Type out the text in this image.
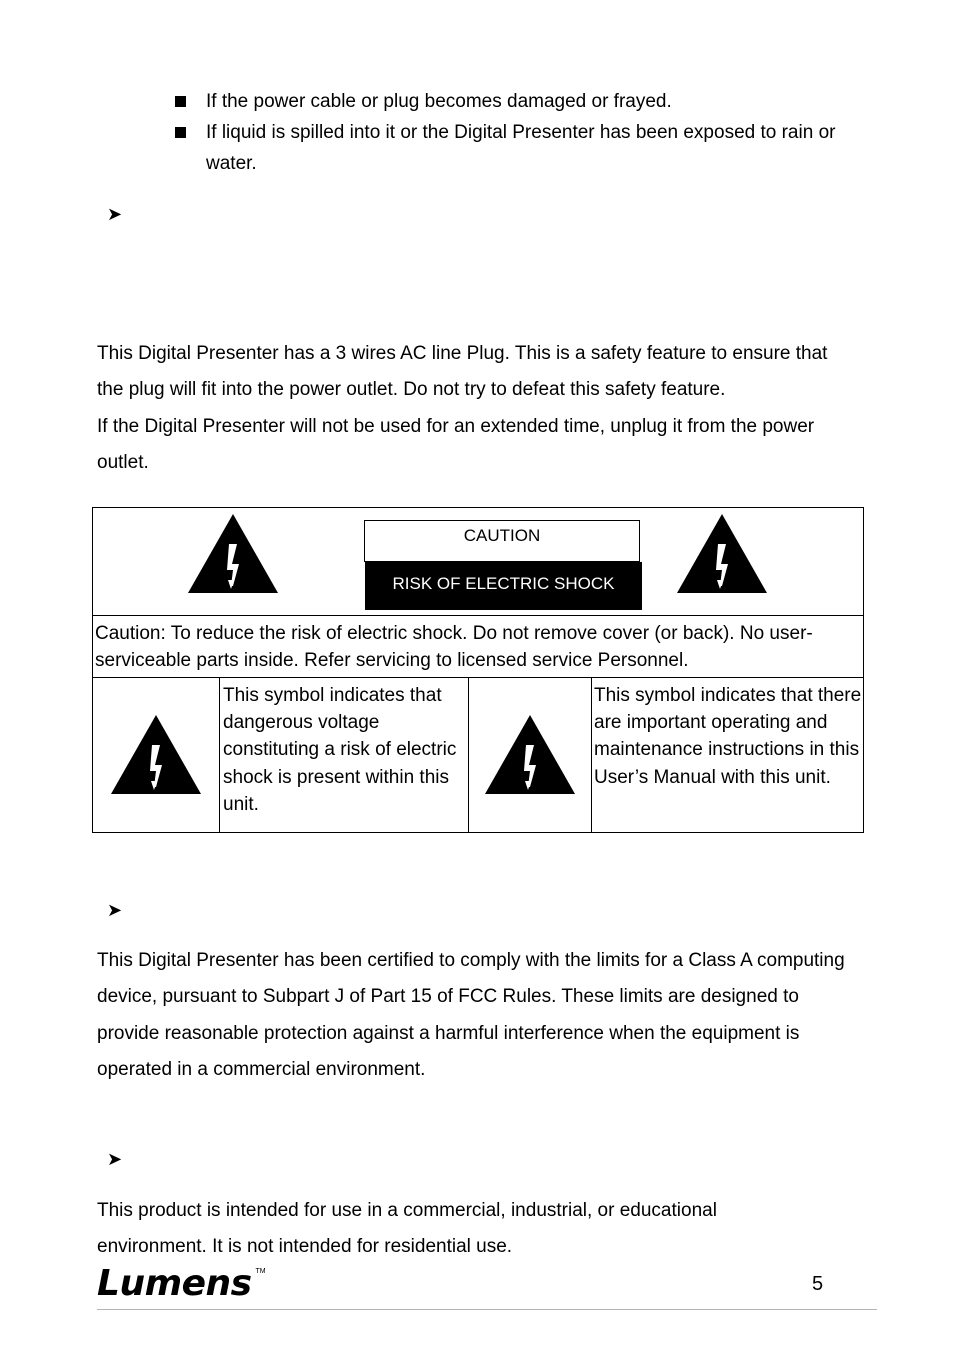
If the power cable or plug becomes damaged or frayed.
If liquid is spilled into it or the Digital Presenter has been exposed to rain or water.
➤
This Digital Presenter has a 3 wires AC line Plug. This is a safety feature to ensure that the plug will fit into the power outlet. Do not try to defeat this safety feature.
If the Digital Presenter will not be used for an extended time, unplug it from the power outlet.
CAUTION
RISK OF ELECTRIC SHOCK
Caution: To reduce the risk of electric shock. Do not remove cover (or back). No user-serviceable parts inside. Refer servicing to licensed service Personnel.
This symbol indicates that dangerous voltage constituting a risk of electric shock is present within this unit.
This symbol indicates that there are important operating and maintenance instructions in this User’s Manual with this unit.
➤
This Digital Presenter has been certified to comply with the limits for a Class A computing device, pursuant to Subpart J of Part 15 of FCC Rules. These limits are designed to provide reasonable protection against a harmful interference when the equipment is operated in a commercial environment.
➤
This product is intended for use in a commercial, industrial, or educational environment. It is not intended for residential use.
Lumens TM
5
